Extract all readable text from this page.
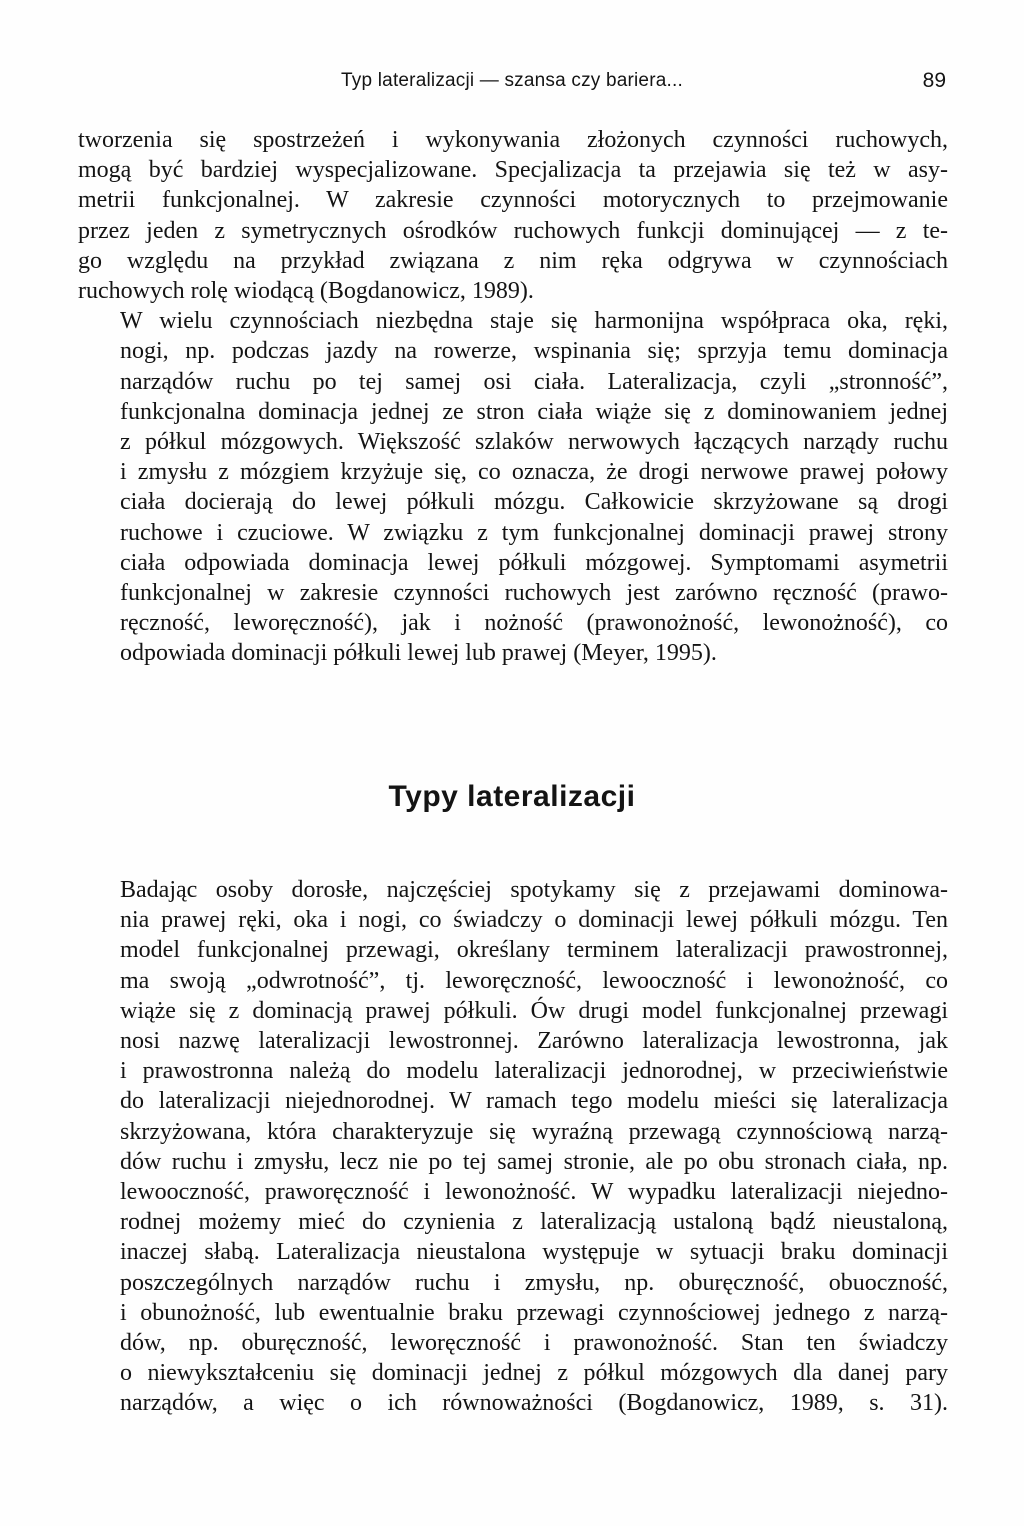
Typ lateralizacji — szansa czy bariera...	89

tworzenia się spostrzeżeń i wykonywania złożonych czynności ruchowych,
mogą być bardziej wyspecjalizowane. Specjalizacja ta przejawia się też w asy-
metrii funkcjonalnej. W zakresie czynności motorycznych to przejmowanie
przez jeden z symetrycznych ośrodków ruchowych funkcji dominującej — z te-
go względu na przykład związana z nim ręka odgrywa w czynnościach
ruchowych rolę wiodącą (Bogdanowicz, 1989).

W wielu czynnościach niezbędna staje się harmonijna współpraca oka, ręki,
nogi, np. podczas jazdy na rowerze, wspinania się; sprzyja temu dominacja
narządów ruchu po tej samej osi ciała. Lateralizacja, czyli „stronność”,
funkcjonalna dominacja jednej ze stron ciała wiąże się z dominowaniem jednej
z półkul mózgowych. Większość szlaków nerwowych łączących narządy ruchu
i zmysłu z mózgiem krzyżuje się, co oznacza, że drogi nerwowe prawej połowy
ciała docierają do lewej półkuli mózgu. Całkowicie skrzyżowane są drogi
ruchowe i czuciowe. W związku z tym funkcjonalnej dominacji prawej strony
ciała odpowiada dominacja lewej półkuli mózgowej. Symptomami asymetrii
funkcjonalnej w zakresie czynności ruchowych jest zarówno ręczność (prawo-
ręczność, leworęczność), jak i nożność (prawonożność, lewonożność), co
odpowiada dominacji półkuli lewej lub prawej (Meyer, 1995).

Typy lateralizacji

Badając osoby dorosłe, najczęściej spotykamy się z przejawami dominowa-
nia prawej ręki, oka i nogi, co świadczy o dominacji lewej półkuli mózgu. Ten
model funkcjonalnej przewagi, określany terminem lateralizacji prawostronnej,
ma swoją „odwrotność”, tj. leworęczność, lewooczność i lewonożność, co
wiąże się z dominacją prawej półkuli. Ów drugi model funkcjonalnej przewagi
nosi nazwę lateralizacji lewostronnej. Zarówno lateralizacja lewostronna, jak
i prawostronna należą do modelu lateralizacji jednorodnej, w przeciwieństwie
do lateralizacji niejednorodnej. W ramach tego modelu mieści się lateralizacja
skrzyżowana, która charakteryzuje się wyraźną przewagą czynnościową narzą-
dów ruchu i zmysłu, lecz nie po tej samej stronie, ale po obu stronach ciała, np.
lewooczność, praworęczność i lewonożność. W wypadku lateralizacji niejedno-
rodnej możemy mieć do czynienia z lateralizacją ustaloną bądź nieustaloną,
inaczej słabą. Lateralizacja nieustalona występuje w sytuacji braku dominacji
poszczególnych narządów ruchu i zmysłu, np. oburęczność, obuoczność,
i obunożność, lub ewentualnie braku przewagi czynnościowej jednego z narzą-
dów, np. oburęczność, leworęczność i prawonożność. Stan ten świadczy
o niewykształceniu się dominacji jednej z półkul mózgowych dla danej pary
narządów, a więc o ich równoważności (Bogdanowicz, 1989, s. 31).
